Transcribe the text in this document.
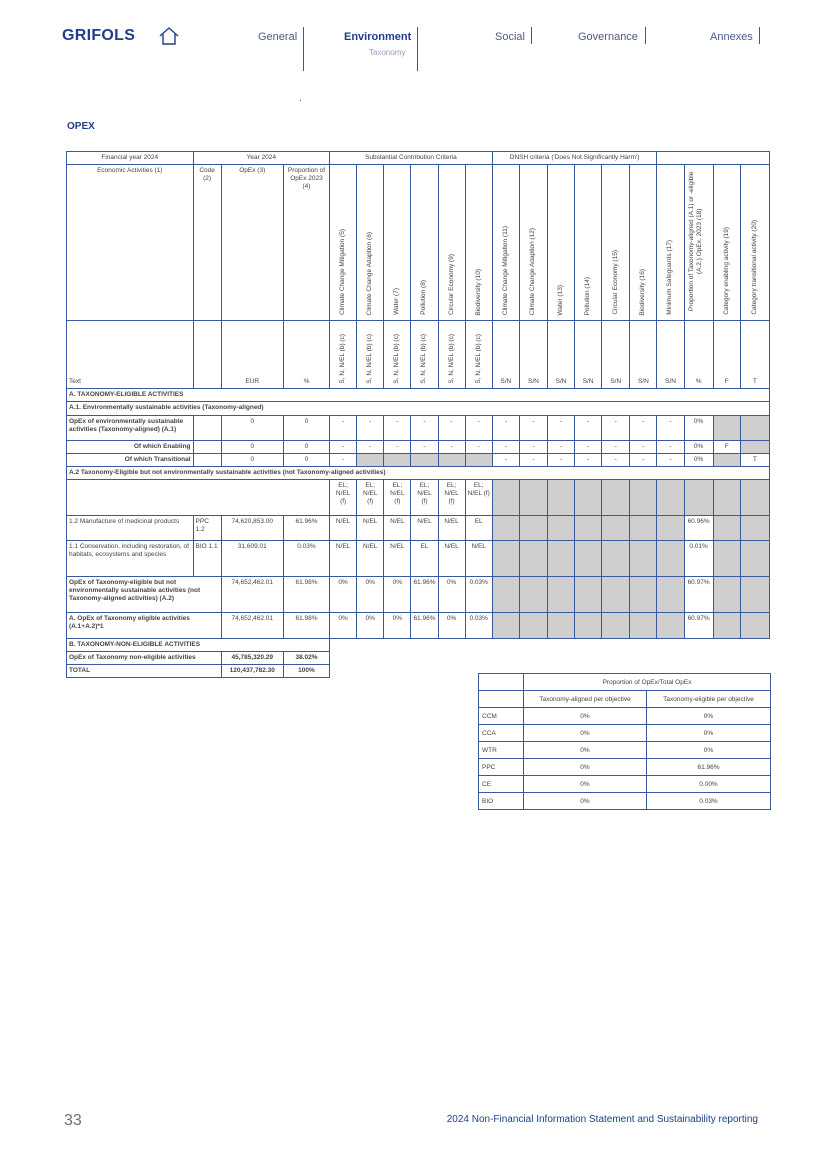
GRIFOLS	General	Environment
Taxonomy
Social	Governance	Annexes
OPEX
Financial year 2024	Year 2024			Substantial Contribution Criteria						DNSH criteria ('Does Not Significantly Harm')									
Economic Activities (1)	Code (2)	OpEx (3)	Proportion of OpEx 2023 (4)	Climate Change Mitigation (5)	Climate Change Adaption (6)	Water (7)	Pollution (8)	Circular Economy (9)	Biodiversity (10)	Climate Change Mitigation (11)	Climate Change Adaption (12)	Water (13)	Pollution (14)	Circular Economy (15)	Biodiversity (16)	Minimum Safeguards (17)	Proportion of Taxonomy-aligned (A.1) or -eligible (A.2.) OpEx, 2023 (18)	Category enabling activity (19)	Category transitional activity (20)
Text		EUR	%	S, N, N/EL (b) (c)	S, N, N/EL (b) (c)	S, N, N/EL (b) (c)	S, N, N/EL (b) (c)	S, N, N/EL (b) (c)	S, N, N/EL (b) (c)	S/N	S/N	S/N	S/N	S/N	S/N	S/N	%	F	T
A. TAXONOMY-ELIGIBLE ACTIVITIES																			
A.1. Environmentally sustainable activities (Taxonomy-aligned)																			
OpEx of environmentally sustainable activities (Taxonomy-aligned) (A.1)		0	0	-	-	-	-	-	-	-	-	-	-	-	-	-	0%		
Of which Enabling		0	0	-	-	-	-	-	-	-	-	-	-	-	-	-	0%	F	
Of which Transitional		0	0	-						-	-	-	-	-	-	-	0%		T
A.2 Taxonomy-Eligible but not environmentally sustainable activities (not Taxonomy-aligned activities)																			
				EL; N/EL (f)	EL; N/EL (f)	EL; N/EL (f)	EL; N/EL (f)	EL; N/EL (f)	EL; N/EL (f)										
1.2 Manufacture of medicinal products	PPC 1.2	74,620,853.00	61.96%	N/EL	N/EL	N/EL	N/EL	N/EL	EL								60.96%		
1.1 Conservation, including restoration, of habitats, ecosystems and species	BIO 1.1	31,609.01	0.03%	N/EL	N/EL	N/EL	EL	N/EL	N/EL								0.01%		
OpEx of Taxonomy-eligible but not environmentally sustainable activities (not Taxonomy-aligned activities) (A.2)		74,652,462.01	61.98%	0%	0%	0%	61.96%	0%	0.03%								60.97%		
A. OpEx of Taxonomy eligible activities (A.1+A.2)*1		74,652,462.01	61.98%	0%	0%	0%	61.96%	0%	0.03%								60.97%		
B. TAXONOMY-NON-ELIGIBLE ACTIVITIES																			
OpEx of Taxonomy non-eligible activities		45,785,320.29	38.02%																
TOTAL		120,437,782.30	100%																
	Proportion of OpEx/Total OpEx	
	Taxonomy-aligned per objective	Taxonomy-eligible per objective
CCM	0%	0%
CCA	0%	0%
WTR	0%	0%
PPC	0%	61.96%
CE	0%	0.00%
BIO	0%	0.03%
33	2024 Non-Financial Information Statement and Sustainability reporting
